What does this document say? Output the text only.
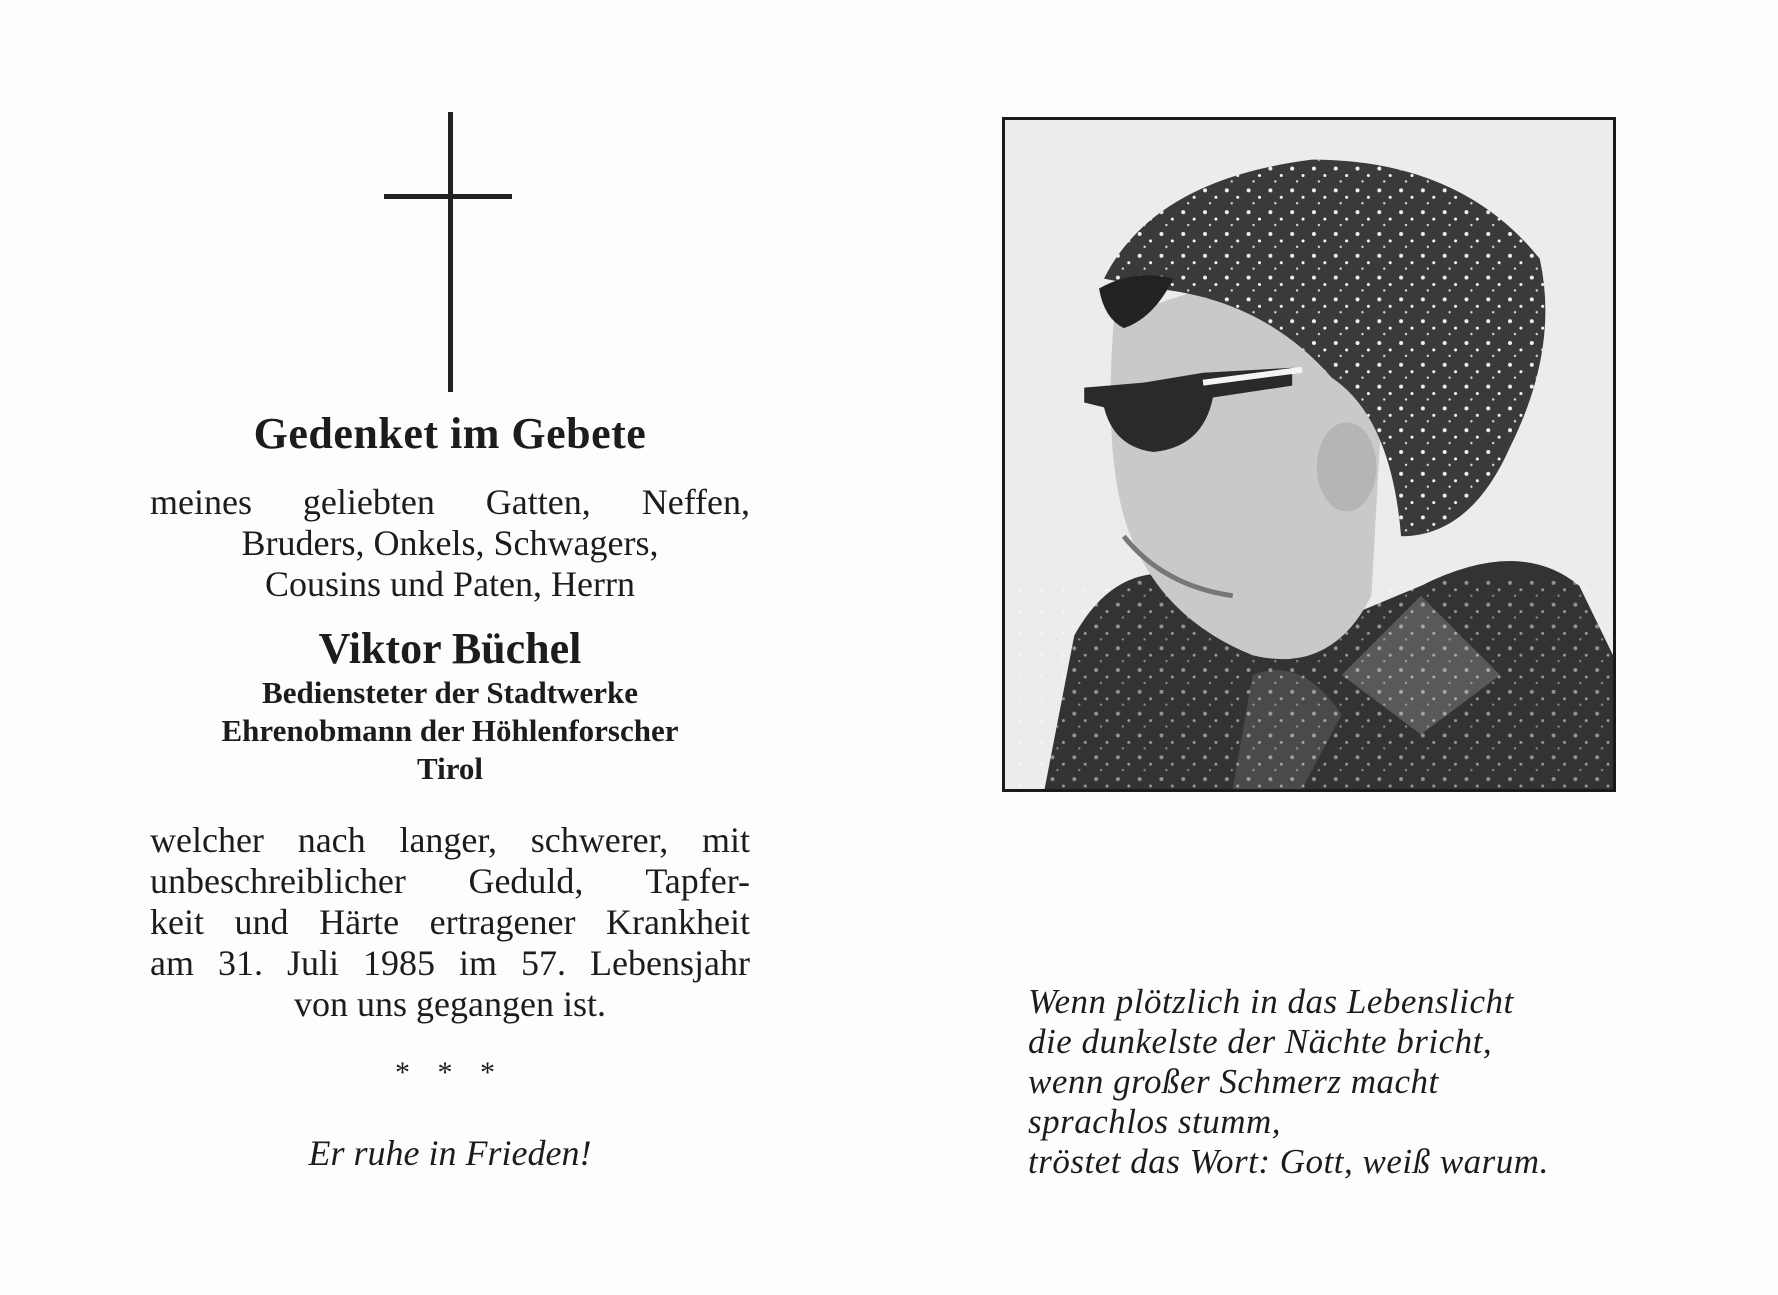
Gedenket im Gebete
meines geliebten Gatten, Neffen,
Bruders, Onkels, Schwagers,
Cousins und Paten, Herrn
Viktor Büchel
Bediensteter der Stadtwerke
Ehrenobmann der Höhlenforscher
Tirol
welcher nach langer, schwerer, mit
unbeschreiblicher Geduld, Tapfer-
keit und Härte ertragener Krankheit
am 31. Juli 1985 im 57. Lebensjahr
von uns gegangen ist.
* * *
Er ruhe in Frieden!
Wenn plötzlich in das Lebenslicht
die dunkelste der Nächte bricht,
wenn großer Schmerz macht
sprachlos stumm,
tröstet das Wort: Gott, weiß warum.
